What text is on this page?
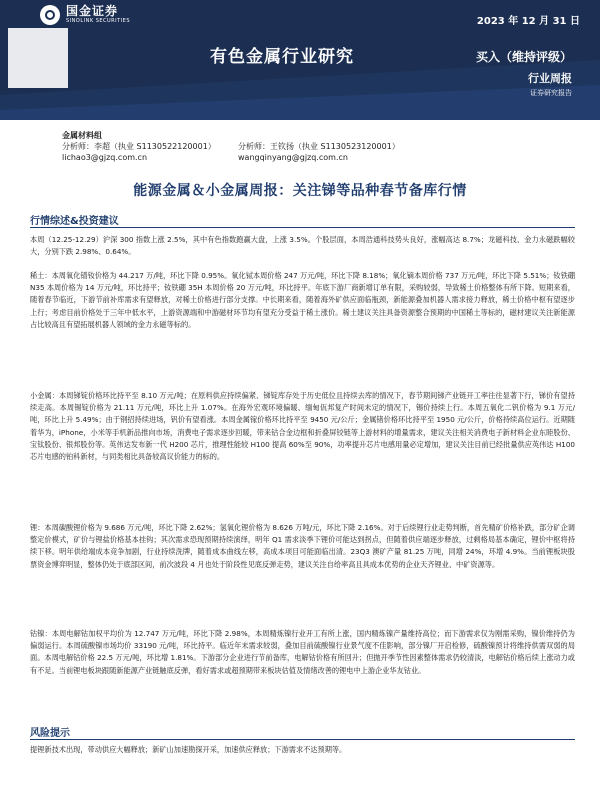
国金证券
SINOLINK SECURITIES	2023 年 12 月 31 日
有色金属行业研究	买入（维持评级）
行业周报
证券研究报告
金属材料组
分析师：李超（执业 S1130522120001）	分析师：王钦扬（执业 S1130523120001）
lichao3@gjzq.com.cn	wangqinyang@gjzq.com.cn
能源金属＆小金属周报：关注锑等品种春节备库行情
行情综述&投资建议
本周（12.25-12.29）沪深 300 指数上涨 2.5%，其中有色指数跑赢大盘，上涨 3.5%。个股层面，本周浩通科技势头良好，涨幅高达 8.7%；龙磁科技、金力永磁跌幅较大，分别下跌 2.98%、0.64%。
稀土：本周氧化镨钕价格为 44.217 万/吨，环比下降 0.95%。氧化铽本周价格 247 万元/吨，环比下降 8.18%；氧化镝本周价格 737 万元/吨，环比下降 5.51%；钕铁硼 N35 本周价格为 14 万元/吨，环比持平；钕铁硼 35H 本周价格 20 万元/吨，环比持平。年底下游厂商新增订单有限，采购较弱，导致稀土价格整体有所下降。短期来看，随着春节临近，下游节前补库需求有望释放，对稀土价格进行部分支撑。中长期来看，随着海外矿供应面临瓶颈，新能源叠加机器人需求接力释放，稀土价格中枢有望逐步上行；考虑目前价格处于三年中低水平，上游资源端和中游磁材环节均有望充分受益于稀土涨价。稀土建议关注具备资源整合预期的中国稀土等标的，磁材建议关注新能源占比较高且有望拓展机器人领域的金力永磁等标的。
小金属：本周锑锭价格环比持平至 8.10 万元/吨；在原料供应持续偏紧、锑锭库存处于历史低位且持续去库的情况下，春节期间锑产业链开工率往往显著下行，锑价有望持续走高。本周锡锭价格为 21.11 万元/吨，环比上升 1.07%。在海外宏观环境偏暖、缅甸佤邦复产时间未定的情况下，锡价持续上行。本周五氧化二钒价格为 9.1 万元/吨，环比上升 5.49%；由于钢招持续进场，钒价有望看涨。本周金属镓价格环比持平至 9450 元/公斤；金属锗价格环比持平至 1950 元/公斤，价格持续高位运行。近期随着华为，iPhone，小米等手机新品推向市场，消费电子需求逐步回暖，带来钴合金边框和折叠屏铰链等上游材料的增量需求，建议关注相关消费电子新材料企业东睦股份、宝钛股份、银邦股份等。英伟达发布新一代 H200 芯片，推理性能较 H100 提高 60%至 90%，功率提升芯片电感用量必定增加，建议关注目前已经批量供应英伟达 H100 芯片电感的铂科新材，与同类相比具备较高议价能力的标的。
锂：本周碳酸锂价格为 9.686 万元/吨，环比下降 2.62%；氢氧化锂价格为 8.626 万吨/元，环比下降 2.16%。对于后续锂行业走势判断，首先精矿价格补跌，部分矿企调整定价模式，矿价与锂盐价格基本挂钩；其次需求恐现预期持续演绎，明年 Q1 需求淡季下锂价可能达到拐点，但随着供应端逐步释放，过剩格局基本确定，锂价中枢将持续下移。明年供给端成本竞争加剧，行业持续洗牌，随着成本曲线左移，高成本项目可能面临出清。23Q3 澳矿产量 81.25 万吨，同增 24%，环增 4.9%。当前锂板块股票资金博弈明显，整体仍处于底部区间，前次波段 4 月也处于阶段性见底反弹走势，建议关注自给率高且具成本优势的企业天齐锂业、中矿资源等。
钴镍：本周电解钴加权平均价为 12.747 万元/吨，环比下降 2.98%，本周精炼镍行业开工有所上涨，国内精炼镍产量维持高位；而下游需求仅为刚需采购，镍价维持仍为偏弱运行。本周硫酸镍市场均价 33190 元/吨，环比持平。临近年末需求较弱，叠加目前硫酸镍行业景气度不佳影响，部分镍厂开启检修，硫酸镍预计将维持供需双弱的局面。本周电解钴价格 22.5 万元/吨，环比增 1.81%。下游部分企业进行节前备库，电解钴价格有所回升；但抛开季节性因素整体需求仍较清淡，电解钴价格后续上涨动力或有不足。当前锂电板块跟随新能源产业链触底反弹，看好需求或超预期带来板块估值及情绪改善的锂电中上游企业华友钴业。
风险提示
提锂新技术出现，带动供应大幅释放；新矿山加速勘探开采，加速供应释放；下游需求不达预期等。
